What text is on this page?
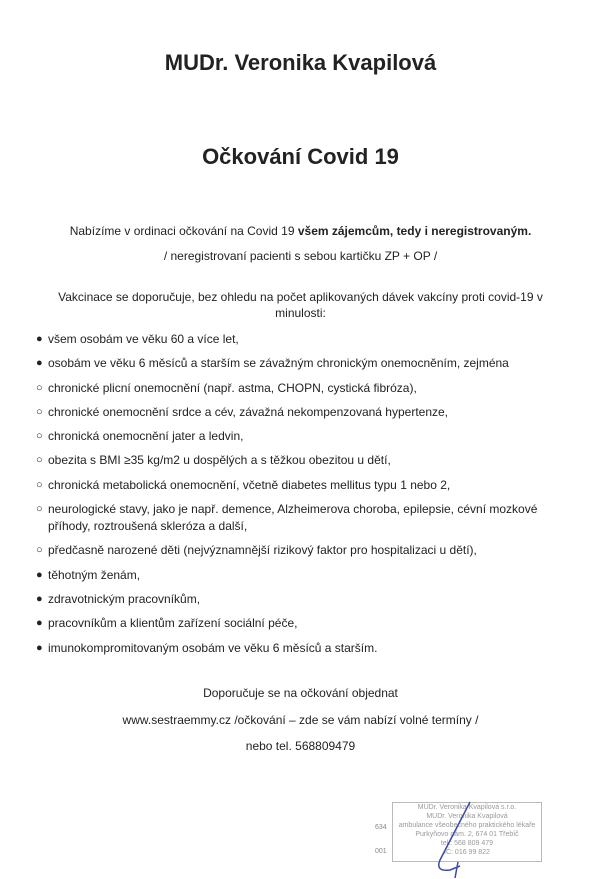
MUDr. Veronika Kvapilová
Očkování Covid 19
Nabízíme v ordinaci očkování na Covid 19 všem zájemcům, tedy i neregistrovaným.
/ neregistrovaní pacienti s sebou kartičku ZP + OP /
Vakcinace se doporučuje, bez ohledu na počet aplikovaných dávek vakcíny proti covid-19 v
minulosti:
● všem osobám ve věku 60 a více let,
● osobám ve věku 6 měsíců a starším se závažným chronickým onemocněním, zejména
○ chronické plicní onemocnění (např. astma, CHOPN, cystická fibróza),
○ chronické onemocnění srdce a cév, závažná nekompenzovaná hypertenze,
○ chronická onemocnění jater a ledvin,
○ obezita s BMI ≥35 kg/m2 u dospělých a s těžkou obezitou u dětí,
○ chronická metabolická onemocnění, včetně diabetes mellitus typu 1 nebo 2,
○ neurologické stavy, jako je např. demence, Alzheimerova choroba, epilepsie, cévní mozkové příhody, roztroušená skleróza a další,
○ předčasně narozené děti (nejvýznamnější rizikový faktor pro hospitalizaci u dětí),
● těhotným ženám,
● zdravotnickým pracovníkům,
● pracovníkům a klientům zařízení sociální péče,
● imunokompromitovaným osobám ve věku 6 měsíců a starším.
Doporučuje se na očkování objednat
www.sestraemmy.cz /očkování – zde se vám nabízí volné termíny /
nebo tel. 568809479
634
001
MUDr. Veronika Kvapilová s.r.o.
MUDr. Veronika Kvapilová
ambulance všeobecného praktického lékaře
Purkyňovo nám. 2, 674 01 Třebíč
tel.: 568 809 479
IČ: 016 99 822
